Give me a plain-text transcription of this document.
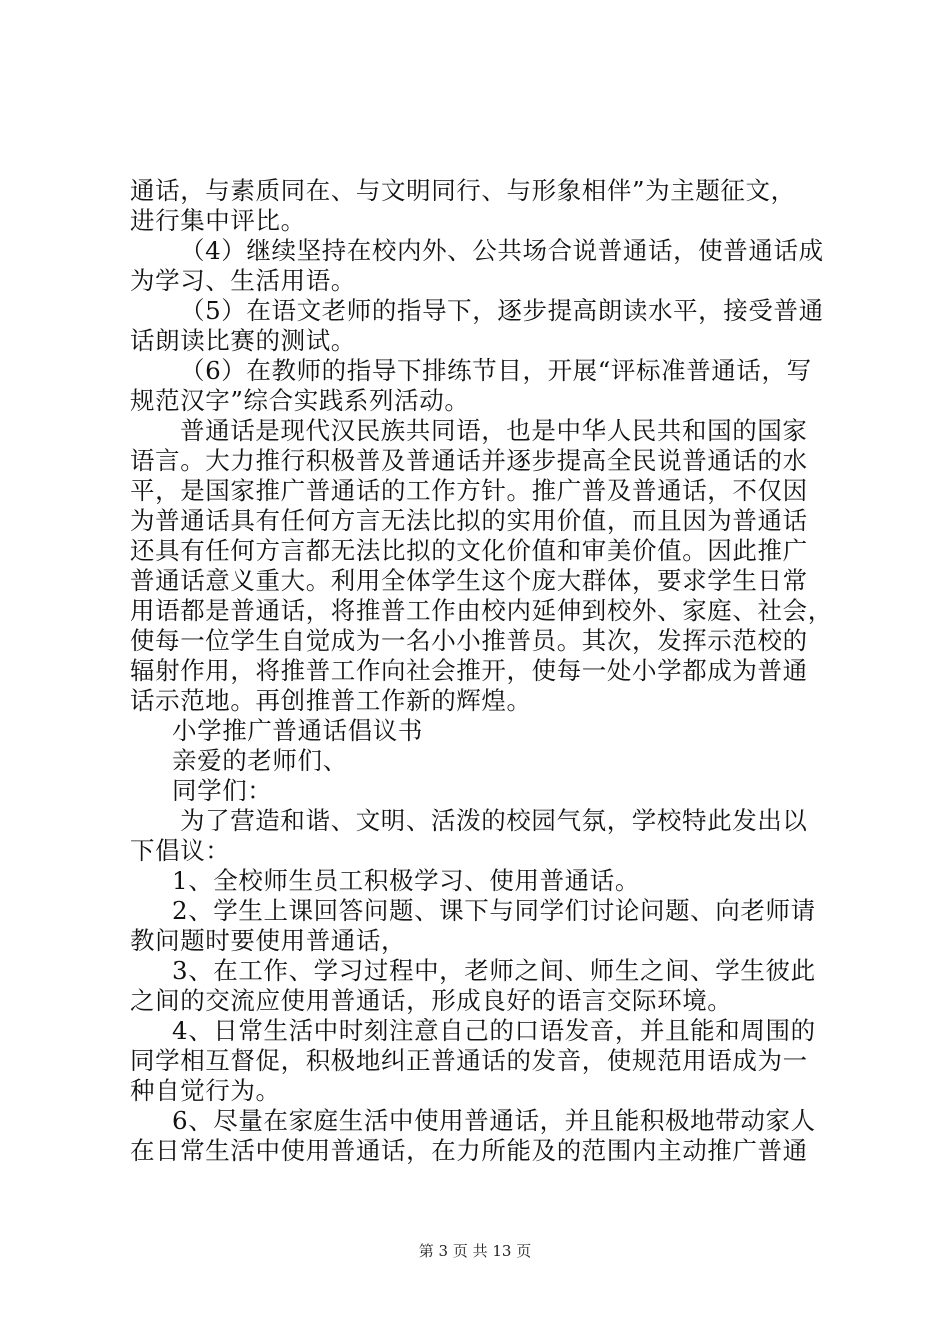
通话，与素质同在、与文明同行、与形象相伴”为主题征文，
进行集中评比。
（4）继续坚持在校内外、公共场合说普通话，使普通话成
为学习、生活用语。
（5）在语文老师的指导下，逐步提高朗读水平，接受普通
话朗读比赛的测试。
（6）在教师的指导下排练节目，开展“评标准普通话，写
规范汉字”综合实践系列活动。
普通话是现代汉民族共同语，也是中华人民共和国的国家
语言。大力推行积极普及普通话并逐步提高全民说普通话的水
平，是国家推广普通话的工作方针。推广普及普通话，不仅因
为普通话具有任何方言无法比拟的实用价值，而且因为普通话
还具有任何方言都无法比拟的文化价值和审美价值。因此推广
普通话意义重大。利用全体学生这个庞大群体，要求学生日常
用语都是普通话，将推普工作由校内延伸到校外、家庭、社会，
使每一位学生自觉成为一名小小推普员。其次，发挥示范校的
辐射作用，将推普工作向社会推开，使每一处小学都成为普通
话示范地。再创推普工作新的辉煌。
小学推广普通话倡议书
亲爱的老师们、
同学们：
为了营造和谐、文明、活泼的校园气氛，学校特此发出以
下倡议：
1、全校师生员工积极学习、使用普通话。
2、学生上课回答问题、课下与同学们讨论问题、向老师请
教问题时要使用普通话，
3、在工作、学习过程中，老师之间、师生之间、学生彼此
之间的交流应使用普通话，形成良好的语言交际环境。
4、日常生活中时刻注意自己的口语发音，并且能和周围的
同学相互督促，积极地纠正普通话的发音，使规范用语成为一
种自觉行为。
6、尽量在家庭生活中使用普通话，并且能积极地带动家人
在日常生活中使用普通话，在力所能及的范围内主动推广普通
第 3 页 共 13 页
